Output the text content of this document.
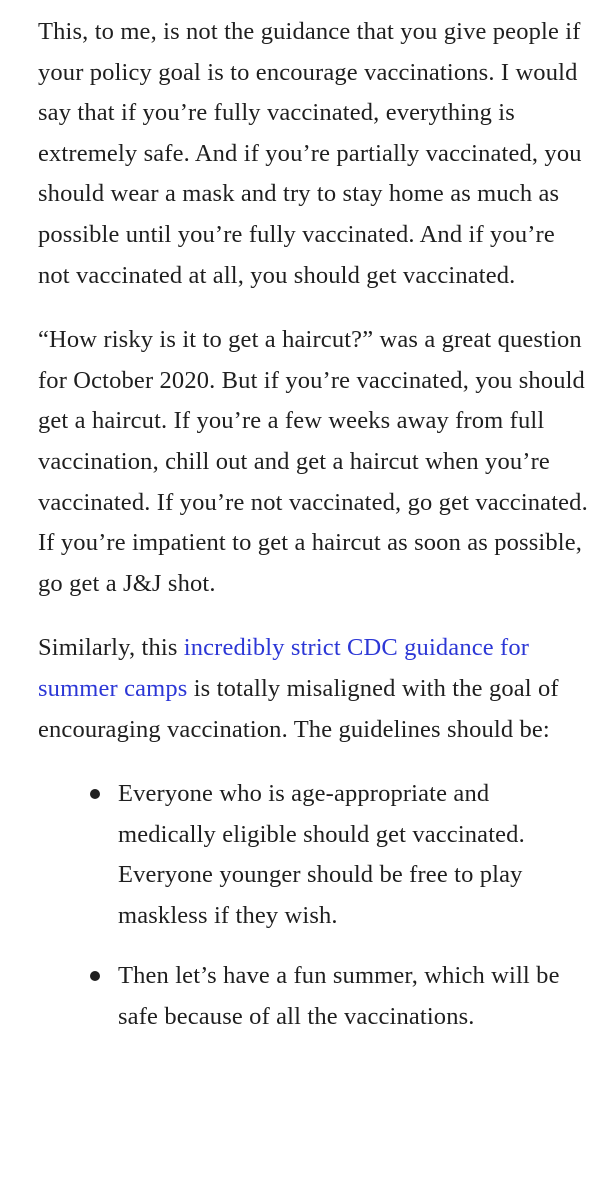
This, to me, is not the guidance that you give people if your policy goal is to encourage vaccinations. I would say that if you’re fully vaccinated, everything is extremely safe. And if you’re partially vaccinated, you should wear a mask and try to stay home as much as possible until you’re fully vaccinated. And if you’re not vaccinated at all, you should get vaccinated.

“How risky is it to get a haircut?” was a great question for October 2020. But if you’re vaccinated, you should get a haircut. If you’re a few weeks away from full vaccination, chill out and get a haircut when you’re vaccinated. If you’re not vaccinated, go get vaccinated. If you’re impatient to get a haircut as soon as possible, go get a J&J shot.

Similarly, this incredibly strict CDC guidance for summer camps is totally misaligned with the goal of encouraging vaccination. The guidelines should be:

Everyone who is age-appropriate and medically eligible should get vaccinated. Everyone younger should be free to play maskless if they wish.
Then let’s have a fun summer, which will be safe because of all the vaccinations.
